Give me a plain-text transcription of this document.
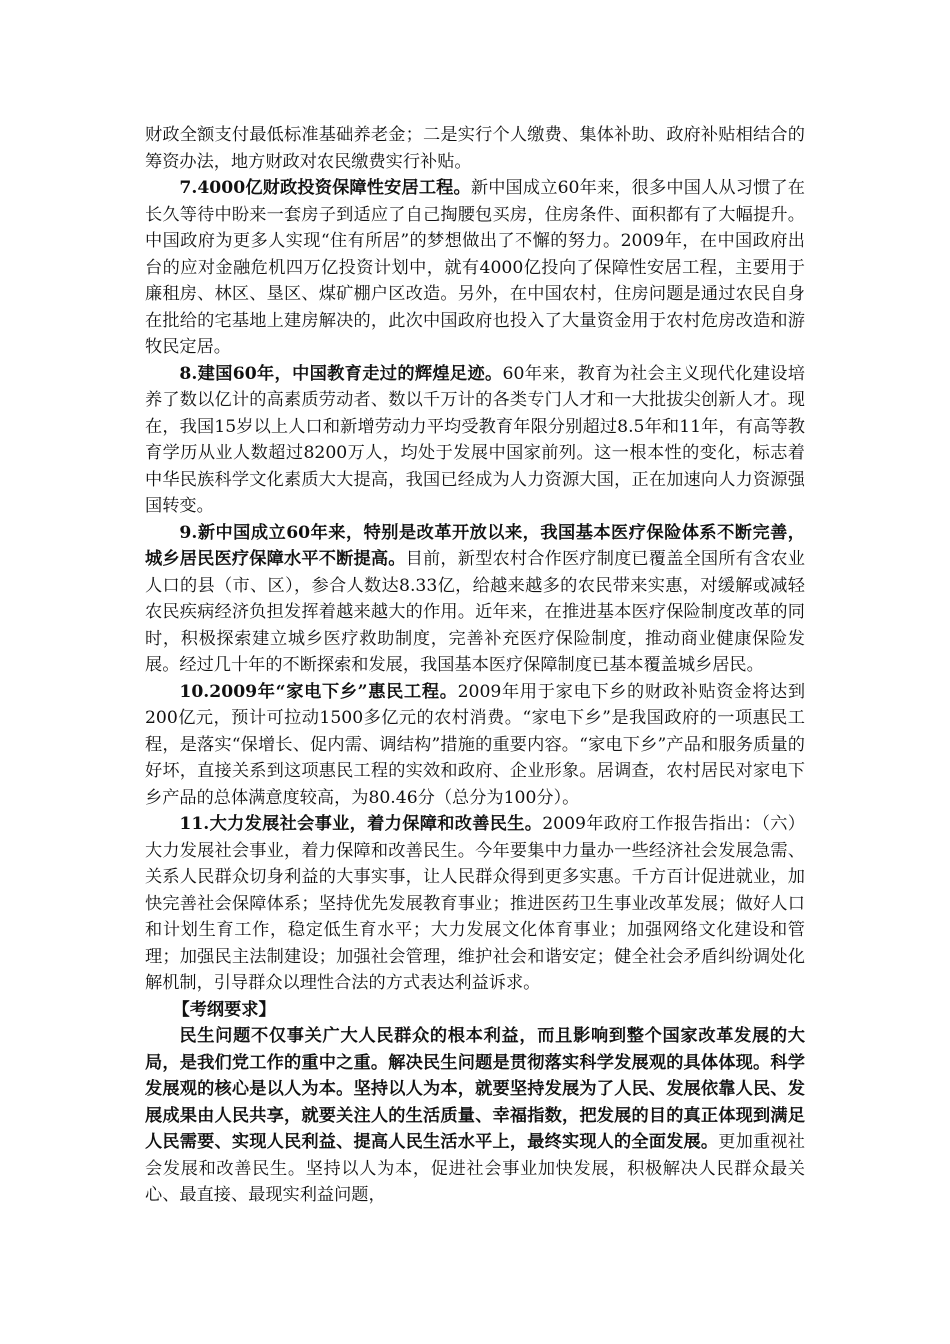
财政全额支付最低标准基础养老金；二是实行个人缴费、集体补助、政府补贴相结合的筹资办法，地方财政对农民缴费实行补贴。

7.4000亿财政投资保障性安居工程。新中国成立60年来，很多中国人从习惯了在长久等待中盼来一套房子到适应了自己掏腰包买房，住房条件、面积都有了大幅提升。中国政府为更多人实现“住有所居”的梦想做出了不懈的努力。2009年，在中国政府出台的应对金融危机四万亿投资计划中，就有4000亿投向了保障性安居工程，主要用于廉租房、林区、垦区、煤矿棚户区改造。另外，在中国农村，住房问题是通过农民自身在批给的宅基地上建房解决的，此次中国政府也投入了大量资金用于农村危房改造和游牧民定居。

8.建国60年，中国教育走过的辉煌足迹。60年来，教育为社会主义现代化建设培养了数以亿计的高素质劳动者、数以千万计的各类专门人才和一大批拔尖创新人才。现在，我国15岁以上人口和新增劳动力平均受教育年限分别超过8.5年和11年，有高等教育学历从业人数超过8200万人，均处于发展中国家前列。这一根本性的变化，标志着中华民族科学文化素质大大提高，我国已经成为人力资源大国，正在加速向人力资源强国转变。

9.新中国成立60年来，特别是改革开放以来，我国基本医疗保险体系不断完善，城乡居民医疗保障水平不断提高。目前，新型农村合作医疗制度已覆盖全国所有含农业人口的县（市、区），参合人数达8.33亿，给越来越多的农民带来实惠，对缓解或减轻农民疾病经济负担发挥着越来越大的作用。近年来，在推进基本医疗保险制度改革的同时，积极探索建立城乡医疗救助制度，完善补充医疗保险制度，推动商业健康保险发展。经过几十年的不断探索和发展，我国基本医疗保障制度已基本覆盖城乡居民。

10.2009年“家电下乡”惠民工程。2009年用于家电下乡的财政补贴资金将达到200亿元，预计可拉动1500多亿元的农村消费。“家电下乡”是我国政府的一项惠民工程，是落实“保增长、促内需、调结构”措施的重要内容。“家电下乡”产品和服务质量的好坏，直接关系到这项惠民工程的实效和政府、企业形象。居调查，农村居民对家电下乡产品的总体满意度较高，为80.46分（总分为100分）。

11.大力发展社会事业，着力保障和改善民生。2009年政府工作报告指出：（六）大力发展社会事业，着力保障和改善民生。今年要集中力量办一些经济社会发展急需、关系人民群众切身利益的大事实事，让人民群众得到更多实惠。千方百计促进就业，加快完善社会保障体系；坚持优先发展教育事业；推进医药卫生事业改革发展；做好人口和计划生育工作，稳定低生育水平；大力发展文化体育事业；加强网络文化建设和管理；加强民主法制建设；加强社会管理，维护社会和谐安定；健全社会矛盾纠纷调处化解机制，引导群众以理性合法的方式表达利益诉求。

【考纲要求】

民生问题不仅事关广大人民群众的根本利益，而且影响到整个国家改革发展的大局，是我们党工作的重中之重。解决民生问题是贯彻落实科学发展观的具体体现。科学发展观的核心是以人为本。坚持以人为本，就要坚持发展为了人民、发展依靠人民、发展成果由人民共享，就要关注人的生活质量、幸福指数，把发展的目的真正体现到满足人民需要、实现人民利益、提高人民生活水平上，最终实现人的全面发展。更加重视社会发展和改善民生。坚持以人为本，促进社会事业加快发展，积极解决人民群众最关心、最直接、最现实利益问题，
